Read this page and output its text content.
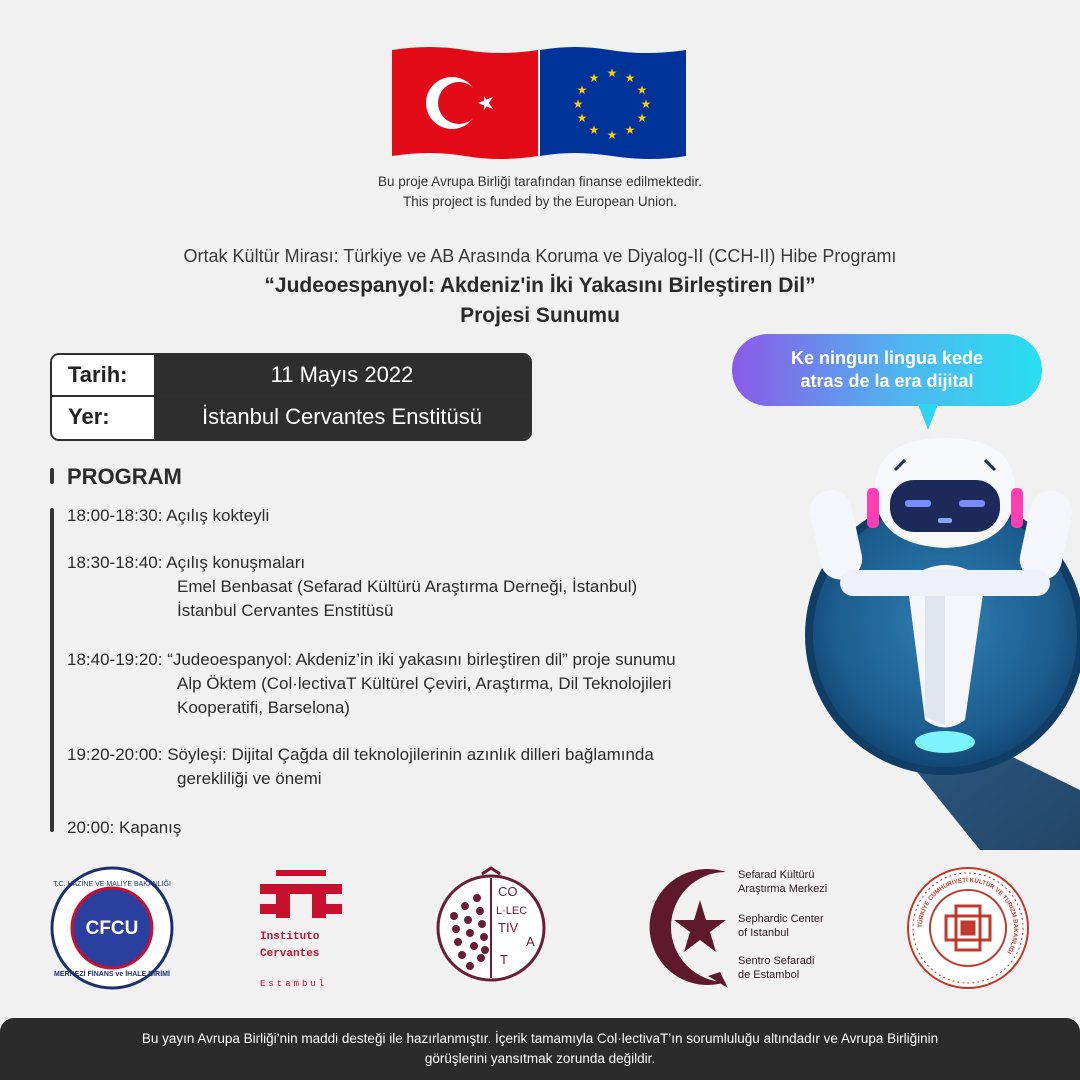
★ ★
★
★
★
★
★
★
★
★
★
★
Bu proje Avrupa Birliği tarafından finanse edilmektedir.
This project is funded by the European Union.
Ortak Kültür Mirası: Türkiye ve AB Arasında Koruma ve Diyalog-II (CCH-II) Hibe Programı
“Judeoespanyol: Akdeniz'in İki Yakasını Birleştiren Dil”
Projesi Sunumu
Tarih:	11 Mayıs 2022
Yer:	İstanbul Cervantes Enstitüsü
PROGRAM
18:00-18:30: Açılış kokteyli
18:30-18:40: Açılış konuşmaları
Emel Benbasat (Sefarad Kültürü Araştırma Derneği, İstanbul)
İstanbul Cervantes Enstitüsü
18:40-19:20: “Judeoespanyol: Akdeniz’in iki yakasını birleştiren dil” proje sunumu
Alp Öktem (Col·lectivaT Kültürel Çeviri, Araştırma, Dil Teknolojileri
Kooperatifi, Barselona)
19:20-20:00: Söyleşi: Dijital Çağda dil teknolojilerinin azınlık dilleri bağlamında
gerekliliği ve önemi
20:00: Kapanış
Ke ningun lingua kede
atras de la era dijital
CFCU
T.C. HAZİNE VE MALİYE BAKANLIĞI
MERKEZİ FİNANS ve İHALE BİRİMİ
Instituto
Cervantes
Estambul
CO
L·LEC
TIV
A
T
Sefarad Kültürü
Araştırma Merkezi
Sephardic Center
of Istanbul
Sentro Sefaradi
de Estambol
TÜRKİYE CUMHURİYETİ KÜLTÜR VE TURİZM BAKANLIĞI
Bu yayın Avrupa Birliği’nin maddi desteği ile hazırlanmıştır. İçerik tamamıyla Col·lectivaT’ın sorumluluğu altındadır ve Avrupa Birliğinin
görüşlerini yansıtmak zorunda değildir.
